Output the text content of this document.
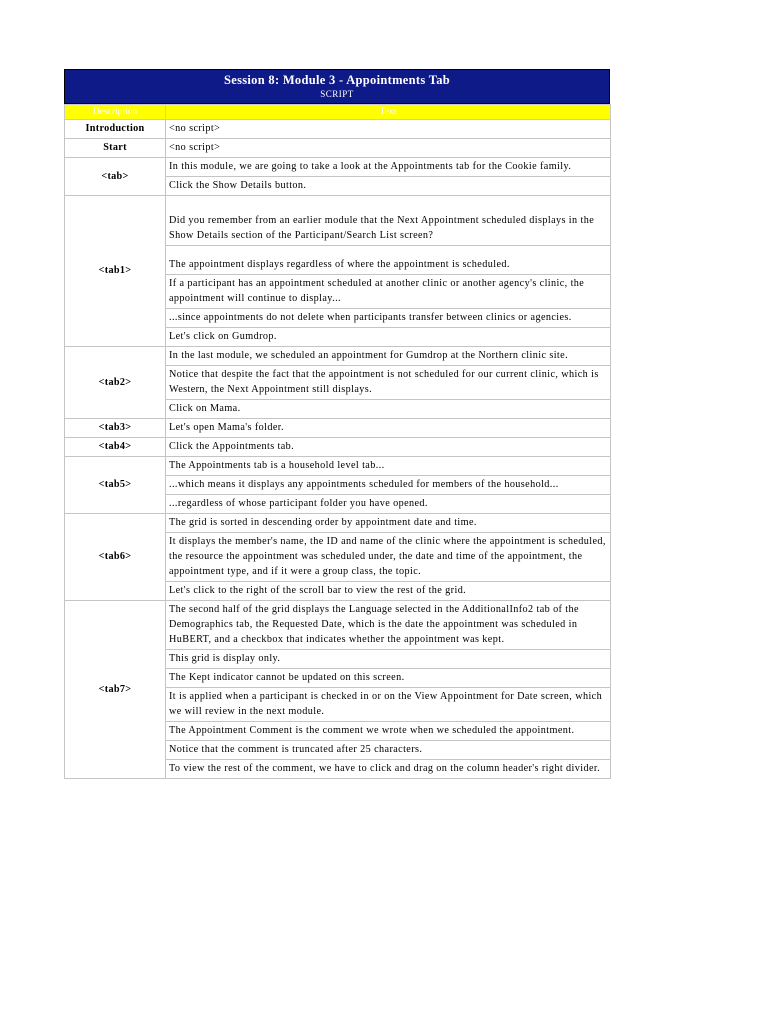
Session 8: Module 3 - Appointments Tab
SCRIPT
Description	Text
Introduction	<no script>
Start	<no script>
<tab>	In this module, we are going to take a look at the Appointments tab for the Cookie family.
	Click the Show Details button.
<tab1>	Did you remember from an earlier module that the Next Appointment scheduled displays in the Show Details section of the Participant/Search List screen?
	The appointment displays regardless of where the appointment is scheduled.
	If a participant has an appointment scheduled at another clinic or another agency's clinic, the appointment will continue to display...
	...since appointments do not delete when participants transfer between clinics or agencies.
	Let's click on Gumdrop.
<tab2>	In the last module, we scheduled an appointment for Gumdrop at the Northern clinic site.
	Notice that despite the fact that the appointment is not scheduled for our current clinic, which is Western, the Next Appointment still displays.
	Click on Mama.
<tab3>	Let's open Mama's folder.
<tab4>	Click the Appointments tab.
<tab5>	The Appointments tab is a household level tab...
	...which means it displays any appointments scheduled for members of the household...
	...regardless of whose participant folder you have opened.
<tab6>	The grid is sorted in descending order by appointment date and time.
	It displays the member's name, the ID and name of the clinic where the appointment is scheduled, the resource the appointment was scheduled under, the date and time of the appointment, the appointment type, and if it were a group class, the topic.
	Let's click to the right of the scroll bar to view the rest of the grid.
<tab7>	The second half of the grid displays the Language selected in the AdditionalInfo2 tab of the Demographics tab, the Requested Date, which is the date the appointment was scheduled in HuBERT, and a checkbox that indicates whether the appointment was kept.
	This grid is display only.
	The Kept indicator cannot be updated on this screen.
	It is applied when a participant is checked in or on the View Appointment for Date screen, which we will review in the next module.
	The Appointment Comment is the comment we wrote when we scheduled the appointment.
	Notice that the comment is truncated after 25 characters.
	To view the rest of the comment, we have to click and drag on the column header's right divider.
